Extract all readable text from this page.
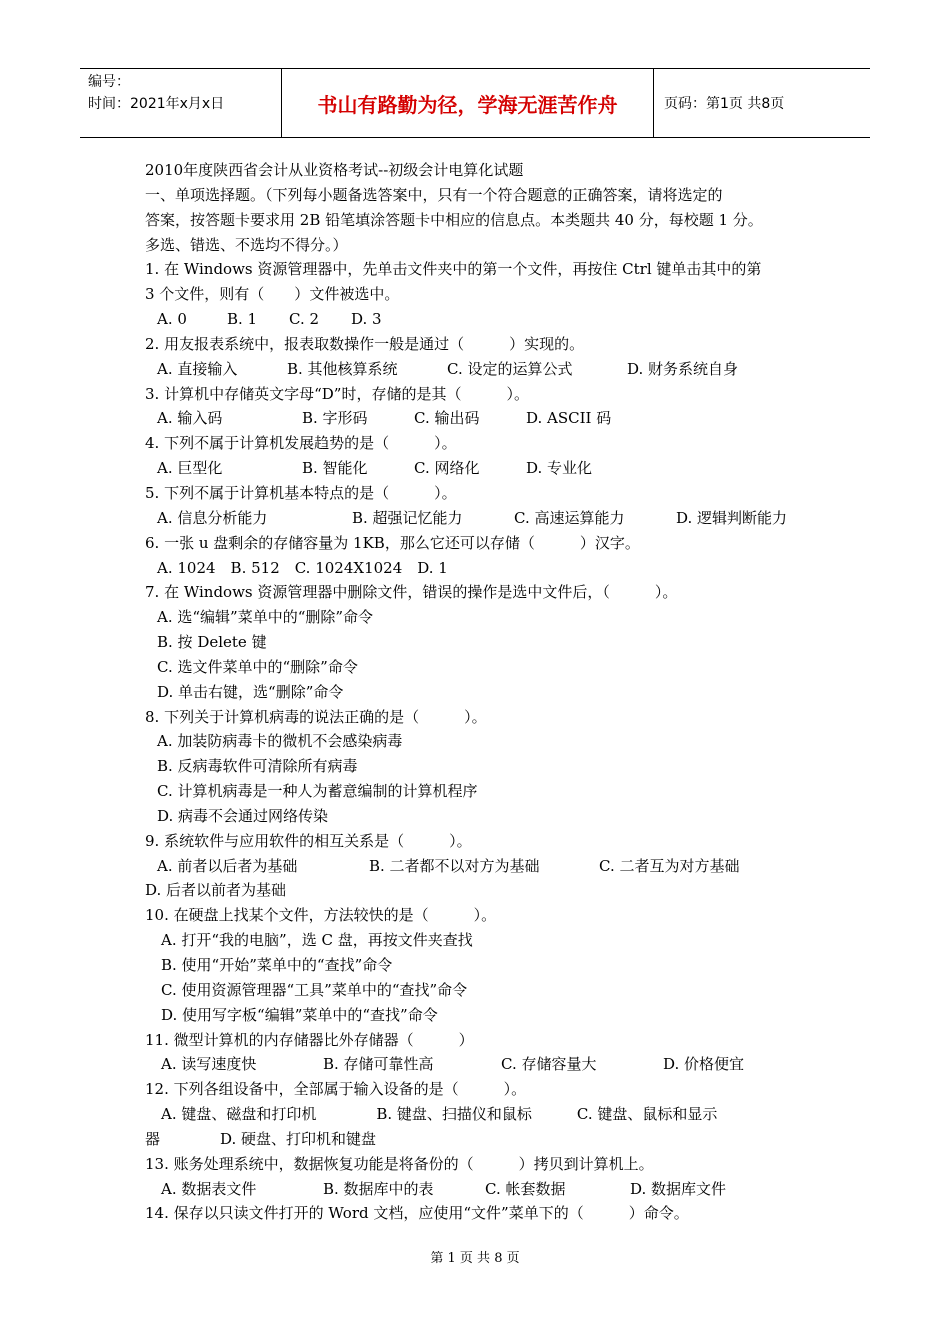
编号：
时间：2021年x月x日	书山有路勤为径，学海无涯苦作舟	页码：第1页 共8页
2010年度陕西省会计从业资格考试--初级会计电算化试题
一、单项选择题。（下列每小题备选答案中，只有一个符合题意的正确答案，请将选定的
答案，按答题卡要求用 2B 铅笔填涂答题卡中相应的信息点。本类题共 40 分，每校题 1 分。
多选、错选、不选均不得分。）
1. 在 Windows 资源管理器中，先单击文件夹中的第一个文件，再按住 Ctrl 键单击其中的第
3 个文件，则有（　　）文件被选中。
A. 0	B. 1 C. 2 D. 3
2. 用友报表系统中，报表取数操作一般是通过（　　　）实现的。
A. 直接输入	B. 其他核算系统	C. 设定的运算公式	D. 财务系统自身
3. 计算机中存储英文字母“D”时，存储的是其（　　　）。
A. 输入码	B. 字形码	C. 输出码	D. ASCII 码
4. 下列不属于计算机发展趋势的是（　　　）。
A. 巨型化	B. 智能化	C. 网络化	D. 专业化
5. 下列不属于计算机基本特点的是（　　　）。
A. 信息分析能力	B. 超强记忆能力	C. 高速运算能力	D. 逻辑判断能力
6. 一张 u 盘剩余的存储容量为 1KB，那么它还可以存储（　　　）汉字。
A. 1024　B. 512　C. 1024X1024　D. 1
7. 在 Windows 资源管理器中删除文件，错误的操作是选中文件后，（　　　）。
A. 选“编辑”菜单中的“删除”命令
B. 按 Delete 键
C. 选文件菜单中的“删除”命令
D. 单击右键，选“删除”命令
8. 下列关于计算机病毒的说法正确的是（　　　）。
A. 加装防病毒卡的微机不会感染病毒
B. 反病毒软件可清除所有病毒
C. 计算机病毒是一种人为蓄意编制的计算机程序
D. 病毒不会通过网络传染
9. 系统软件与应用软件的相互关系是（　　　）。
A. 前者以后者为基础	B. 二者都不以对方为基础	C. 二者互为对方基础
D. 后者以前者为基础
10. 在硬盘上找某个文件，方法较快的是（　　　）。
A. 打开“我的电脑”，选 C 盘，再按文件夹查找
B. 使用“开始”菜单中的“查找”命令
C. 使用资源管理器“工具”菜单中的“查找”命令
D. 使用写字板“编辑”菜单中的“查找”命令
11. 微型计算机的内存储器比外存储器（　　　）
A. 读写速度快	B. 存储可靠性高	C. 存储容量大	D. 价格便宜
12. 下列各组设备中，全部属于输入设备的是（　　　）。
A. 键盘、磁盘和打印机　　　　B. 键盘、扫描仪和鼠标　　　C. 键盘、鼠标和显示
器　　　　D. 硬盘、打印机和键盘
13. 账务处理系统中，数据恢复功能是将备份的（　　　）拷贝到计算机上。
A. 数据表文件	B. 数据库中的表	C. 帐套数据	D. 数据库文件
14. 保存以只读文件打开的 Word 文档，应使用“文件”菜单下的（　　　）命令。
第 1 页 共 8 页
